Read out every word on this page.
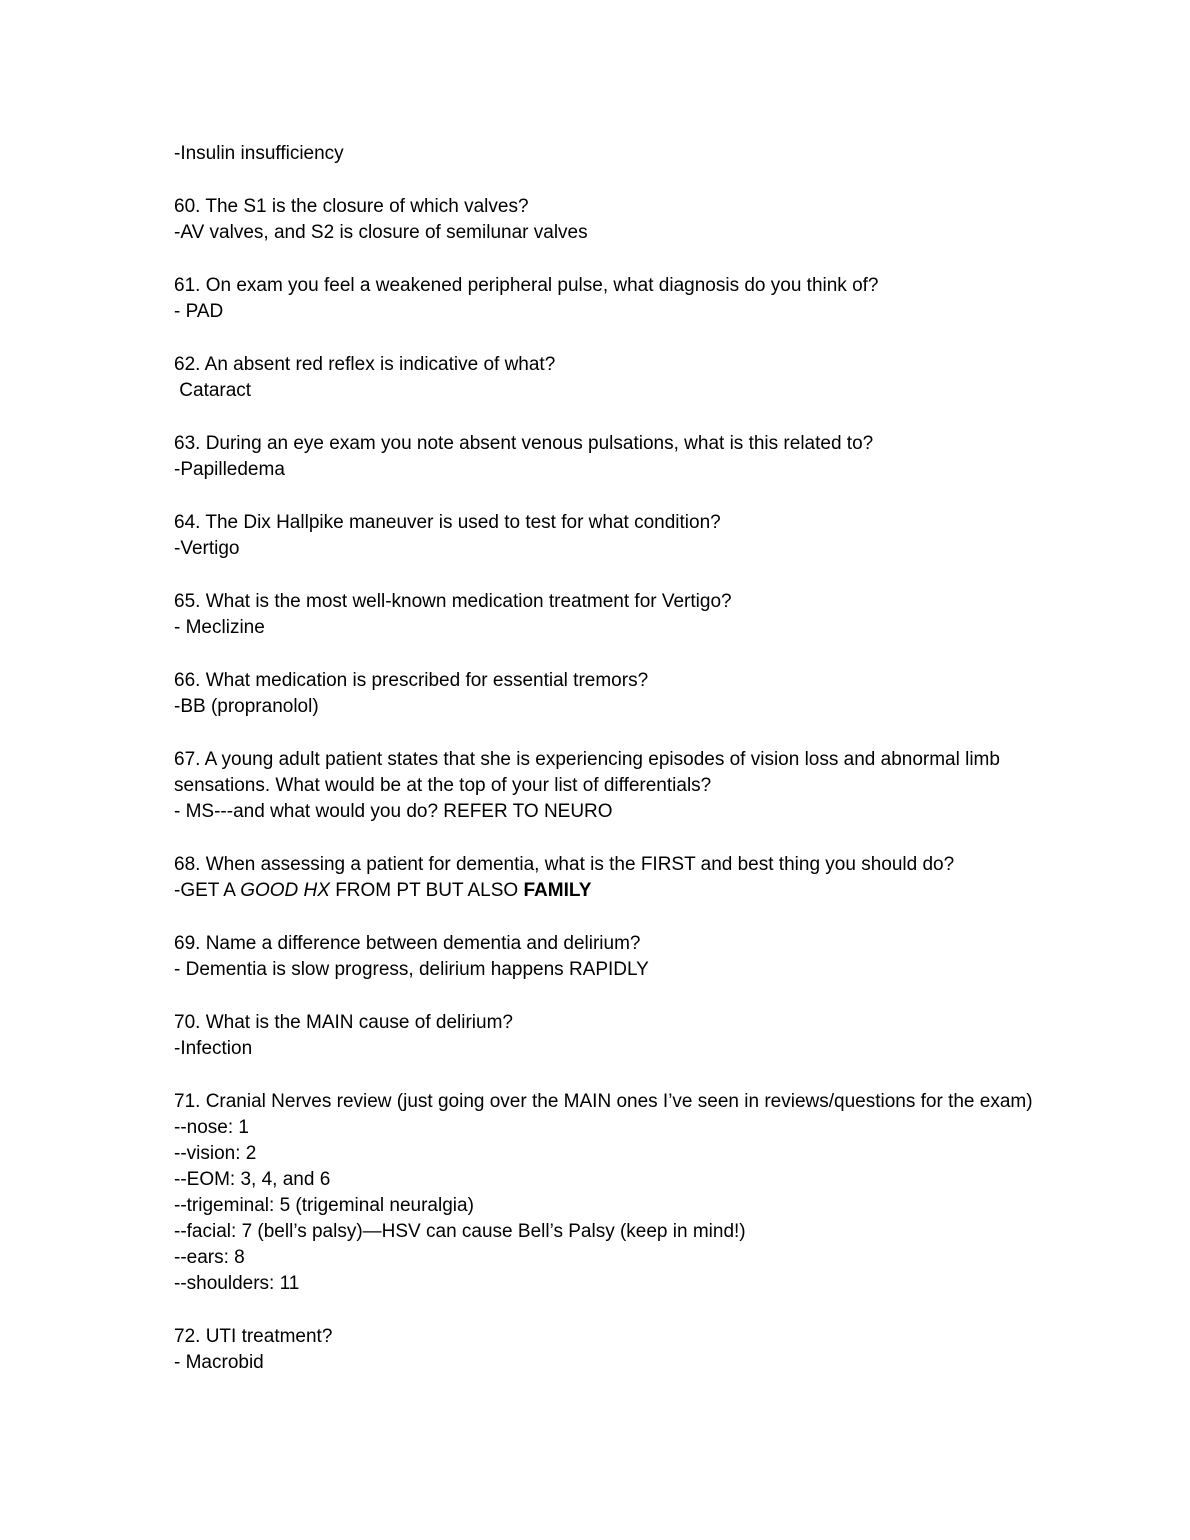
-Insulin insufficiency
60. The S1 is the closure of which valves?
-AV valves, and S2 is closure of semilunar valves
61. On exam you feel a weakened peripheral pulse, what diagnosis do you think of?
- PAD
62. An absent red reflex is indicative of what?
Cataract
63. During an eye exam you note absent venous pulsations, what is this related to?
-Papilledema
64. The Dix Hallpike maneuver is used to test for what condition?
-Vertigo
65. What is the most well-known medication treatment for Vertigo?
- Meclizine
66. What medication is prescribed for essential tremors?
-BB (propranolol)
67. A young adult patient states that she is experiencing episodes of vision loss and abnormal limb
sensations. What would be at the top of your list of differentials?
- MS---and what would you do? REFER TO NEURO
68. When assessing a patient for dementia, what is the FIRST and best thing you should do?
-GET A GOOD HX FROM PT BUT ALSO FAMILY
69. Name a difference between dementia and delirium?
- Dementia is slow progress, delirium happens RAPIDLY
70. What is the MAIN cause of delirium?
-Infection
71. Cranial Nerves review (just going over the MAIN ones I’ve seen in reviews/questions for the exam)
--nose: 1
--vision: 2
--EOM: 3, 4, and 6
--trigeminal: 5 (trigeminal neuralgia)
--facial: 7 (bell’s palsy)—HSV can cause Bell’s Palsy (keep in mind!)
--ears: 8
--shoulders: 11
72. UTI treatment?
- Macrobid
